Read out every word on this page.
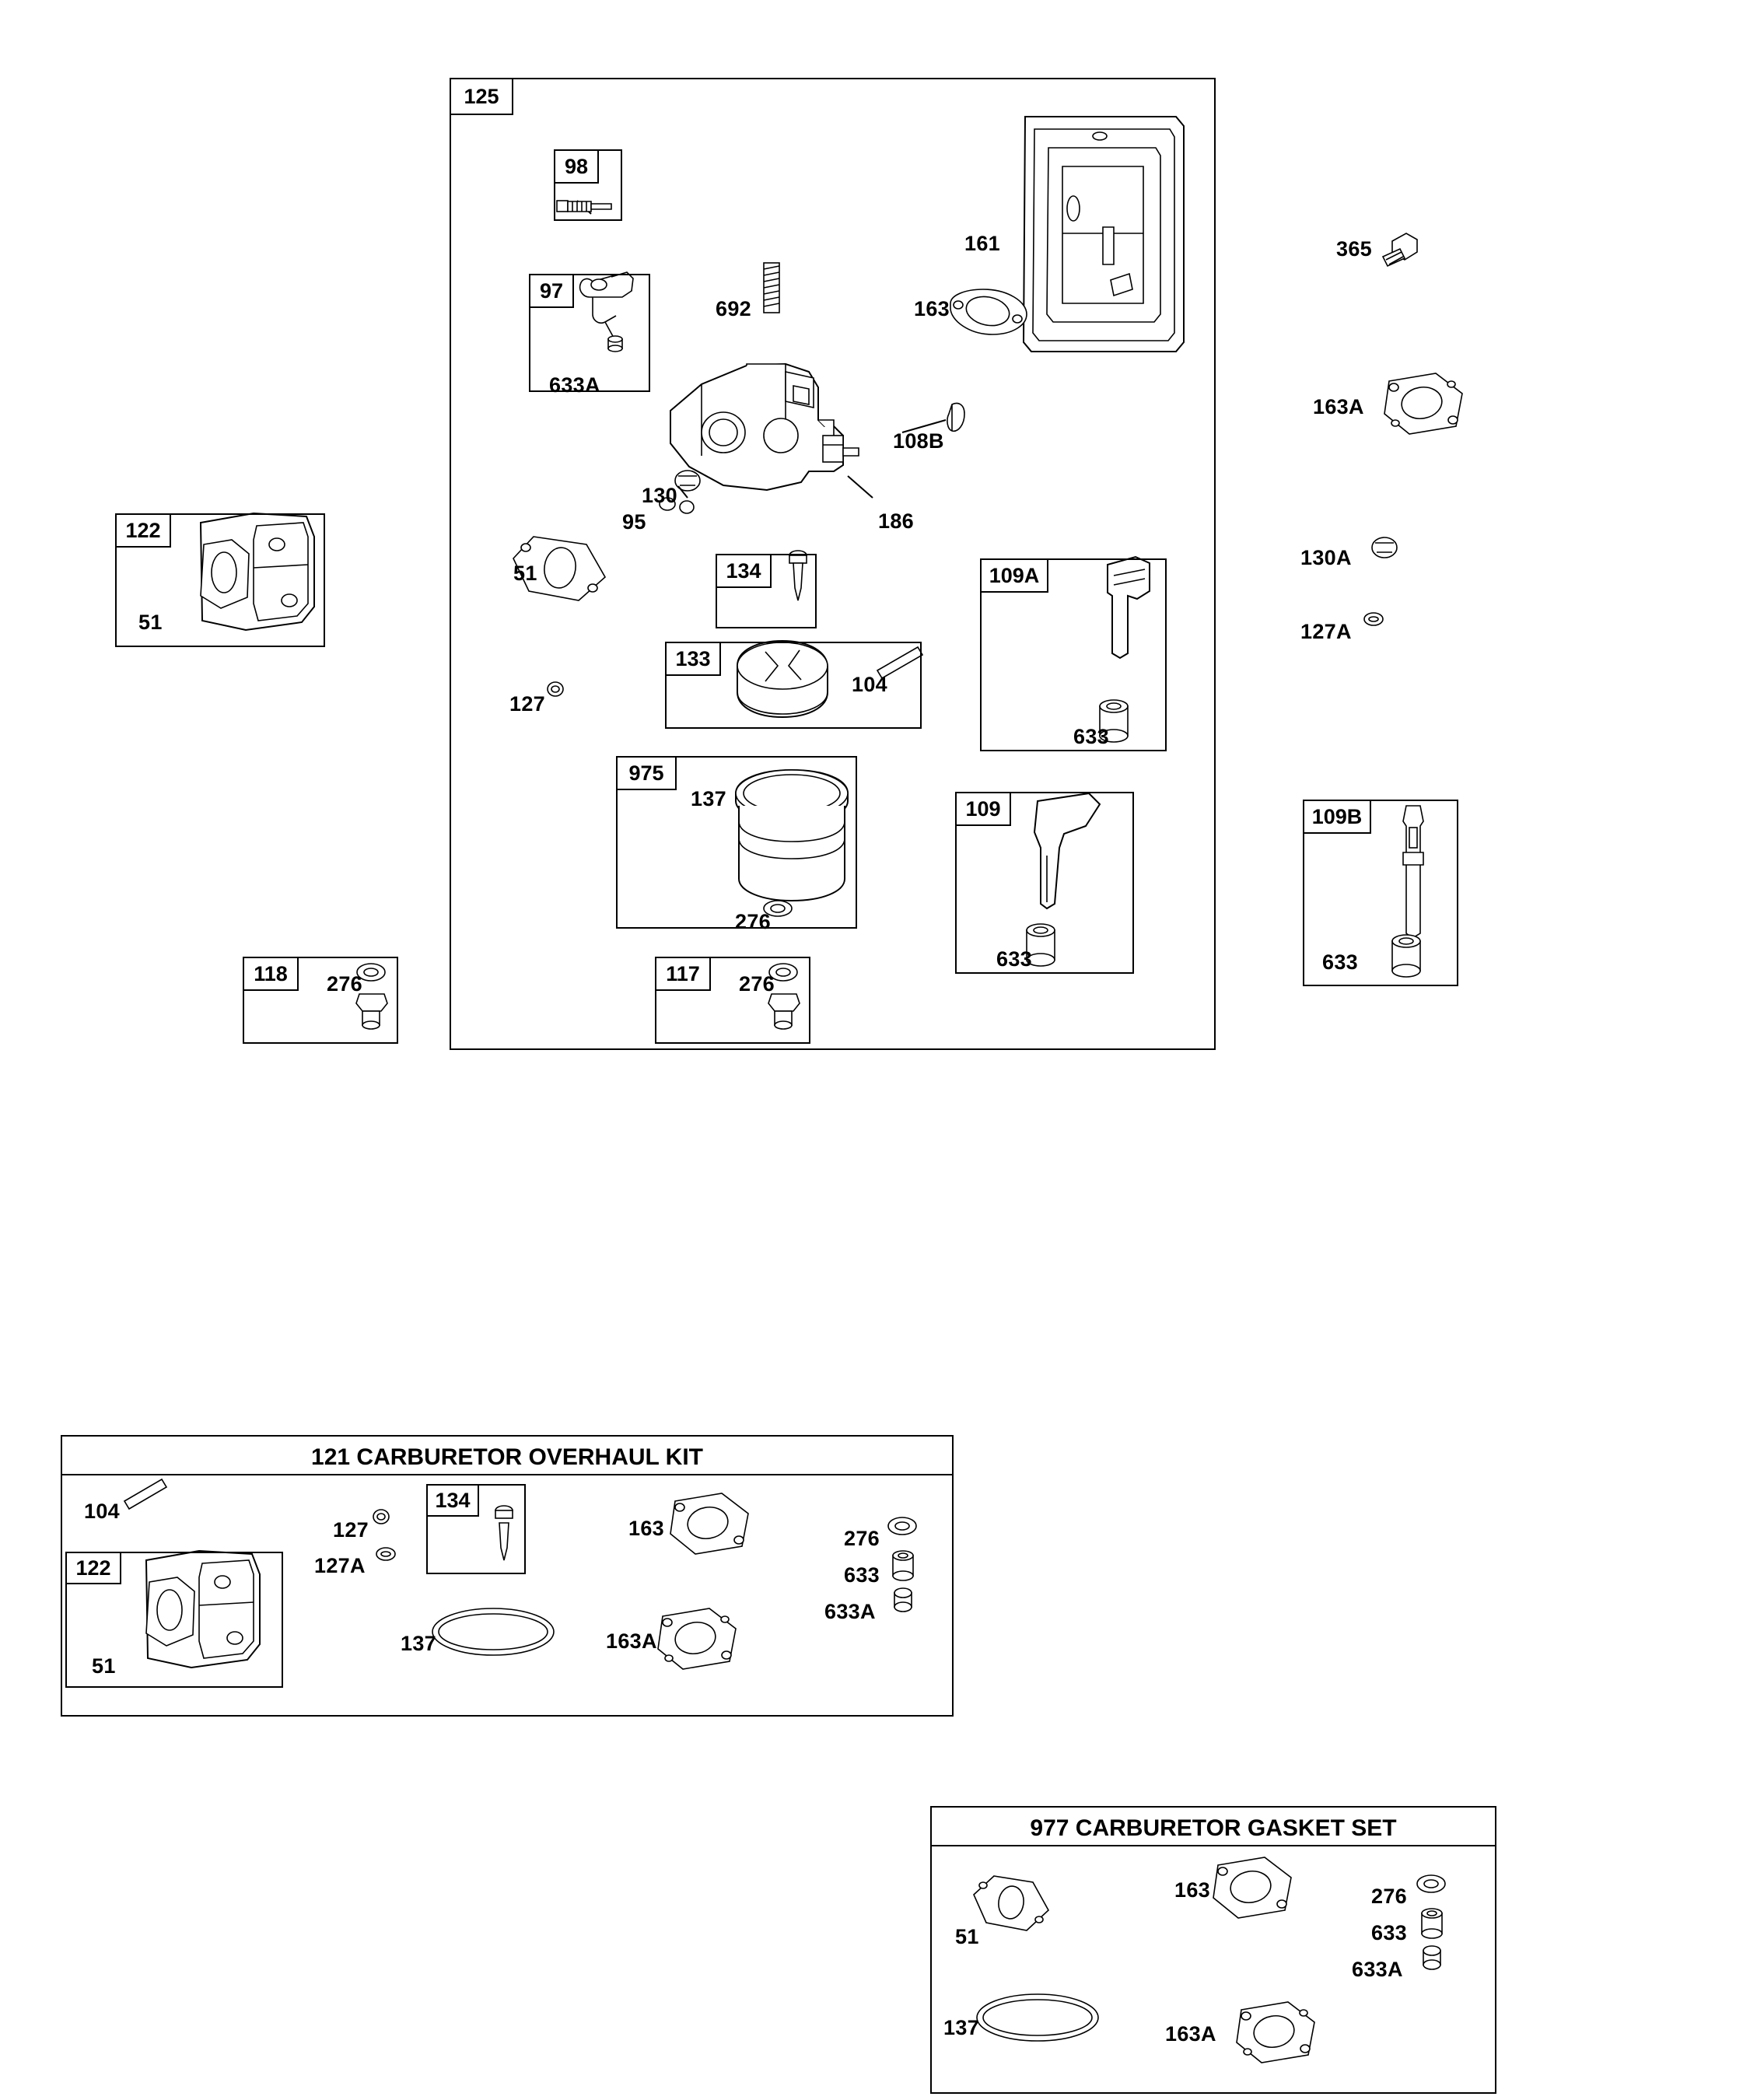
125
98
97
134
133
109A
975
109	109B
122
118	117
121 CARBURETOR OVERHAUL KIT
134
122
977 CARBURETOR GASKET SET
633A
692	163
161	365
163A
108B
130
95	186
130A
51
127A
104
127
633
137
276
633	633
51
276	276
104
127
127A
163	276
633
633A
51
137	163A
51
163	276
633
633A
137	163A
